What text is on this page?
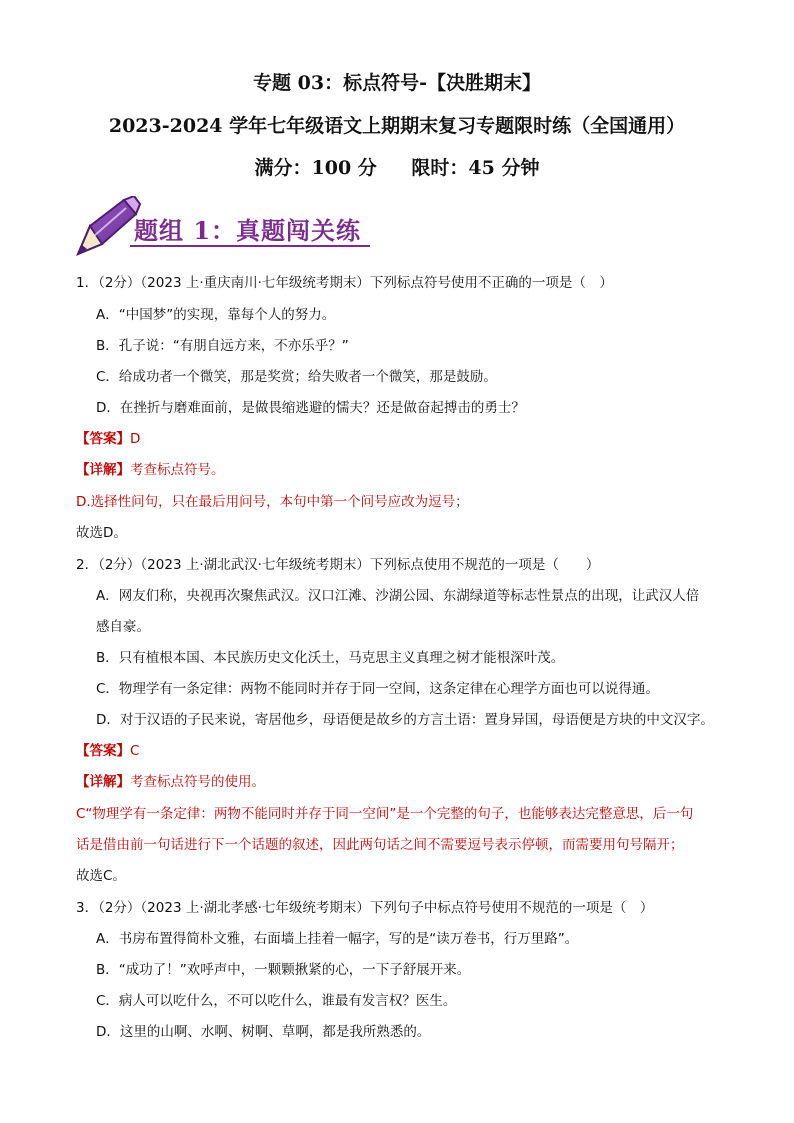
专题 03：标点符号-【决胜期末】
2023-2024 学年七年级语文上期期末复习专题限时练（全国通用）
满分：100 分 限时：45 分钟
题组 1：真题闯关练
1．（2分）（2023 上·重庆南川·七年级统考期末）下列标点符号使用不正确的一项是（　）
A．“中国梦”的实现，靠每个人的努力。
B．孔子说：“有朋自远方来，不亦乐乎？”
C．给成功者一个微笑，那是奖赏；给失败者一个微笑，那是鼓励。
D．在挫折与磨难面前，是做畏缩逃避的懦夫？还是做奋起搏击的勇士？
【答案】D
【详解】考查标点符号。
D.选择性问句，只在最后用问号，本句中第一个问号应改为逗号；
故选D。
2．（2分）（2023 上·湖北武汉·七年级统考期末）下列标点使用不规范的一项是（　　）
A．网友们称，央视再次聚焦武汉。汉口江滩、沙湖公园、东湖绿道等标志性景点的出现，让武汉人倍
感自豪。
B．只有植根本国、本民族历史文化沃土，马克思主义真理之树才能根深叶茂。
C．物理学有一条定律：两物不能同时并存于同一空间，这条定律在心理学方面也可以说得通。
D．对于汉语的子民来说，寄居他乡，母语便是故乡的方言土语：置身异国，母语便是方块的中文汉字。
【答案】C
【详解】考查标点符号的使用。
C“物理学有一条定律：两物不能同时并存于同一空间”是一个完整的句子，也能够表达完整意思，后一句
话是借由前一句话进行下一个话题的叙述，因此两句话之间不需要逗号表示停顿，而需要用句号隔开；
故选C。
3．（2分）（2023 上·湖北孝感·七年级统考期末）下列句子中标点符号使用不规范的一项是（　）
A．书房布置得简朴文雅，右面墙上挂着一幅字，写的是“读万卷书，行万里路”。
B．“成功了！”欢呼声中，一颗颗揪紧的心，一下子舒展开来。
C．病人可以吃什么，不可以吃什么，谁最有发言权？医生。
D．这里的山啊、水啊、树啊、草啊，都是我所熟悉的。
